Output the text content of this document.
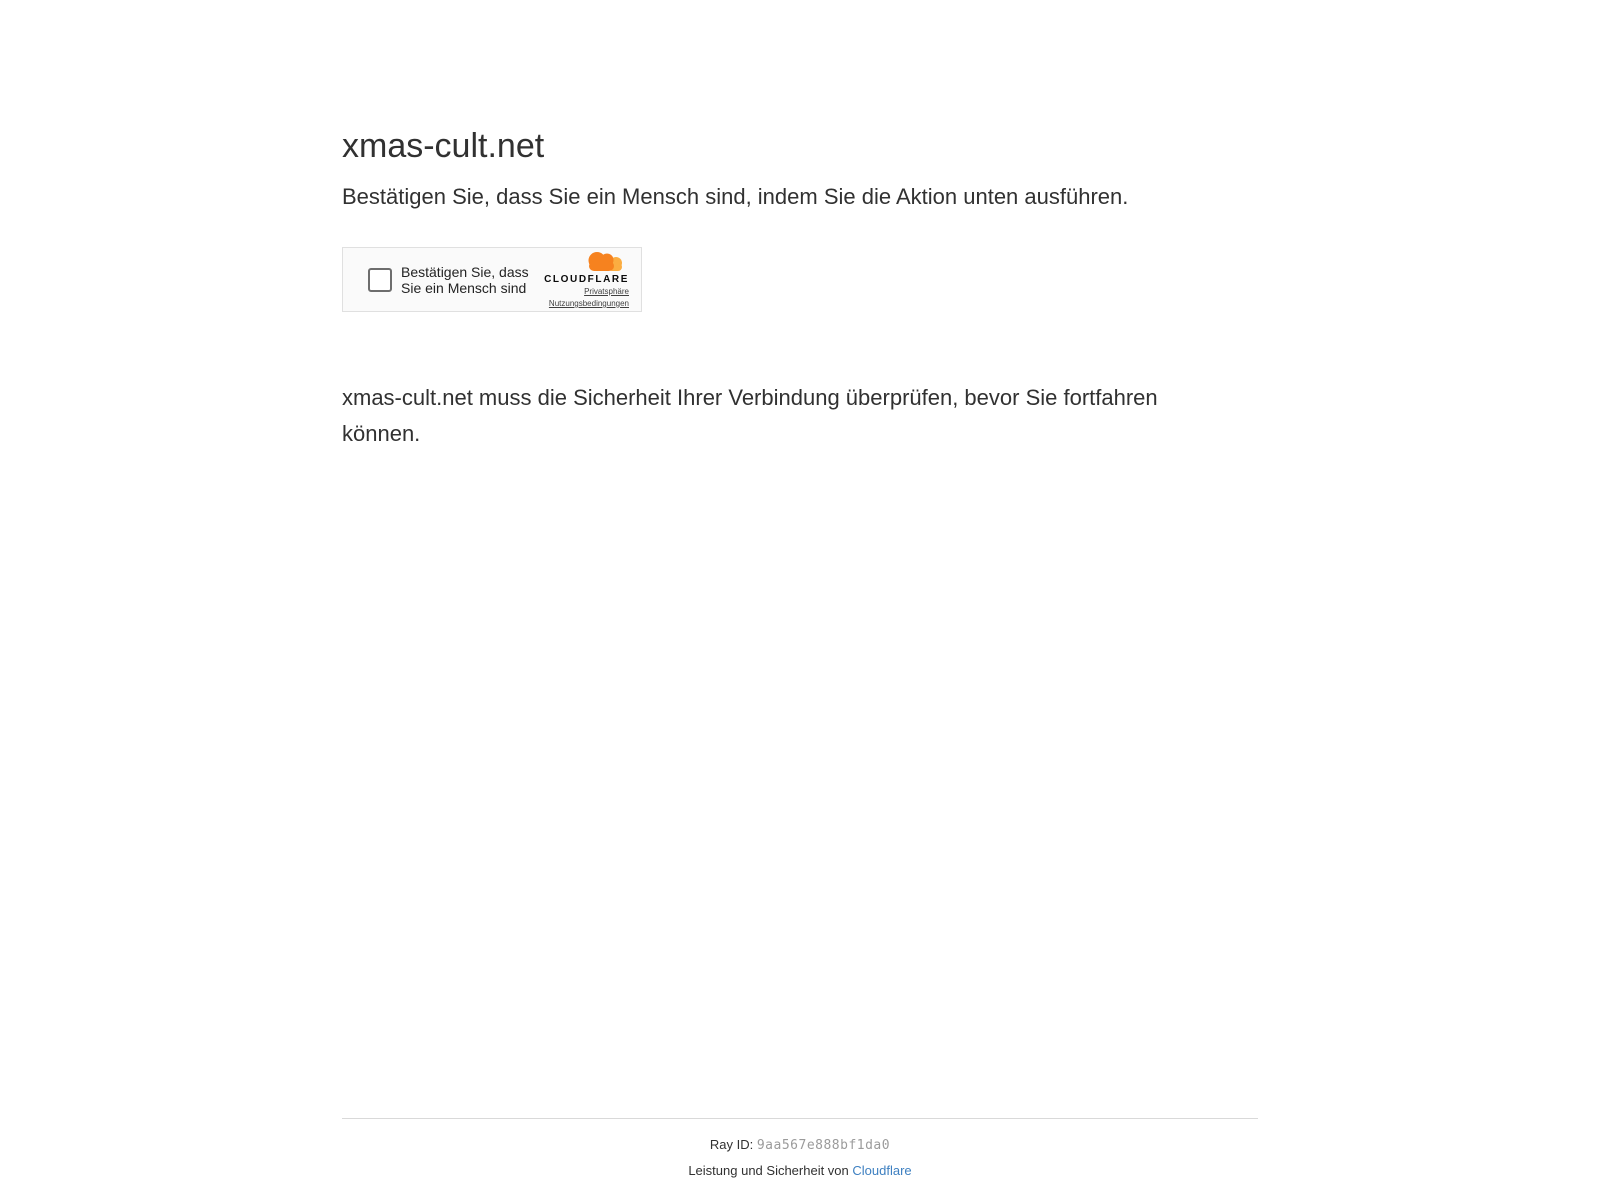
xmas-cult.net

Bestätigen Sie, dass Sie ein Mensch sind, indem Sie die Aktion unten ausführen.

Bestätigen Sie, dass Sie ein Mensch sind
CLOUDFLARE
Privatsphäre
Nutzungsbedingungen

xmas-cult.net muss die Sicherheit Ihrer Verbindung überprüfen, bevor Sie fortfahren können.

Ray ID: 9aa567e888bf1da0

Leistung und Sicherheit von Cloudflare
